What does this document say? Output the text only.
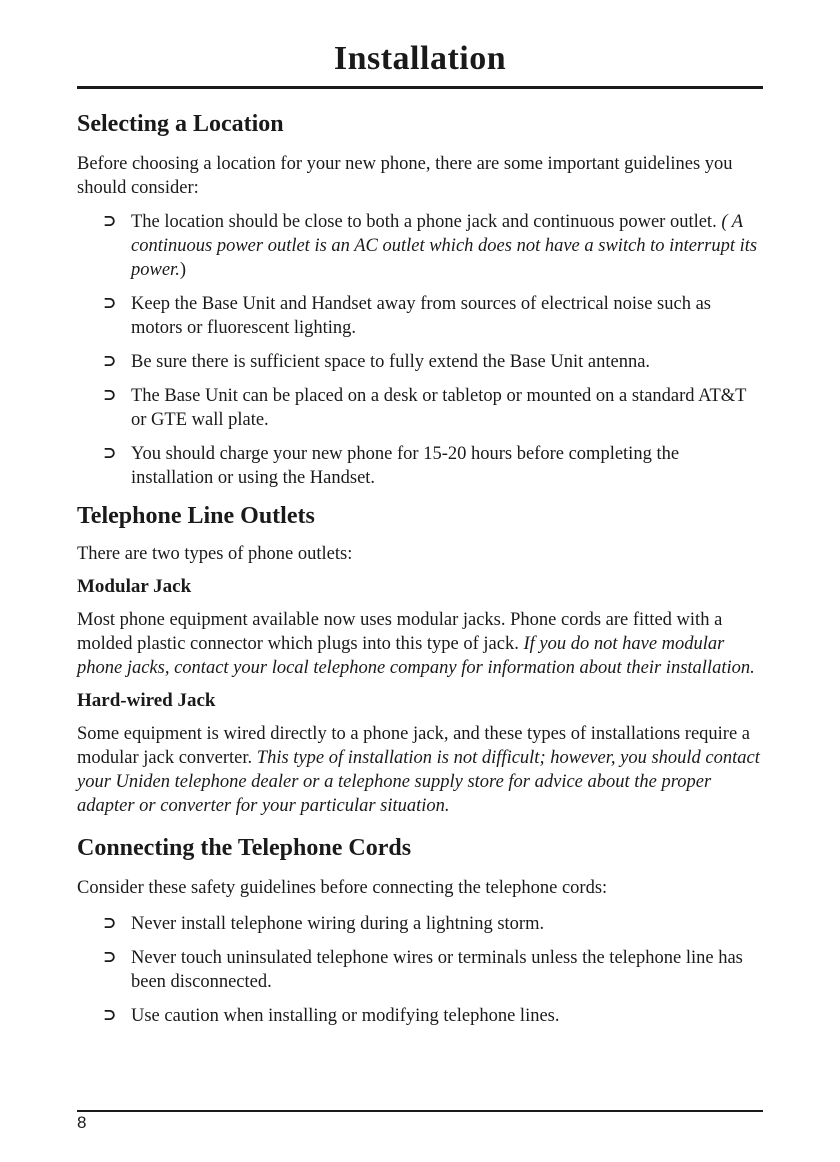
Installation
Selecting a Location

Before choosing a location for your new phone, there are some important guidelines you should consider:

⊃ The location should be close to both a phone jack and continuous power outlet. ( A continuous power outlet is an AC outlet which does not have a switch to interrupt its power.)
⊃ Keep the Base Unit and Handset away from sources of electrical noise such as motors or fluorescent lighting.
⊃ Be sure there is sufficient space to fully extend the Base Unit antenna.
⊃ The Base Unit can be placed on a desk or tabletop or mounted on a standard AT&T or GTE wall plate.
⊃ You should charge your new phone for 15-20 hours before completing the installation or using the Handset.
Telephone Line Outlets

There are two types of phone outlets:

Modular Jack

Most phone equipment available now uses modular jacks. Phone cords are fitted with a molded plastic connector which plugs into this type of jack. If you do not have modular phone jacks, contact your local telephone company for information about their installation.

Hard-wired Jack

Some equipment is wired directly to a phone jack, and these types of installations require a modular jack converter. This type of installation is not difficult; however, you should contact your Uniden telephone dealer or a telephone supply store for advice about the proper adapter or converter for your particular situation.

Connecting the Telephone Cords

Consider these safety guidelines before connecting the telephone cords:

⊃ Never install telephone wiring during a lightning storm.
⊃ Never touch uninsulated telephone wires or terminals unless the telephone line has been disconnected.
⊃ Use caution when installing or modifying telephone lines.
8
